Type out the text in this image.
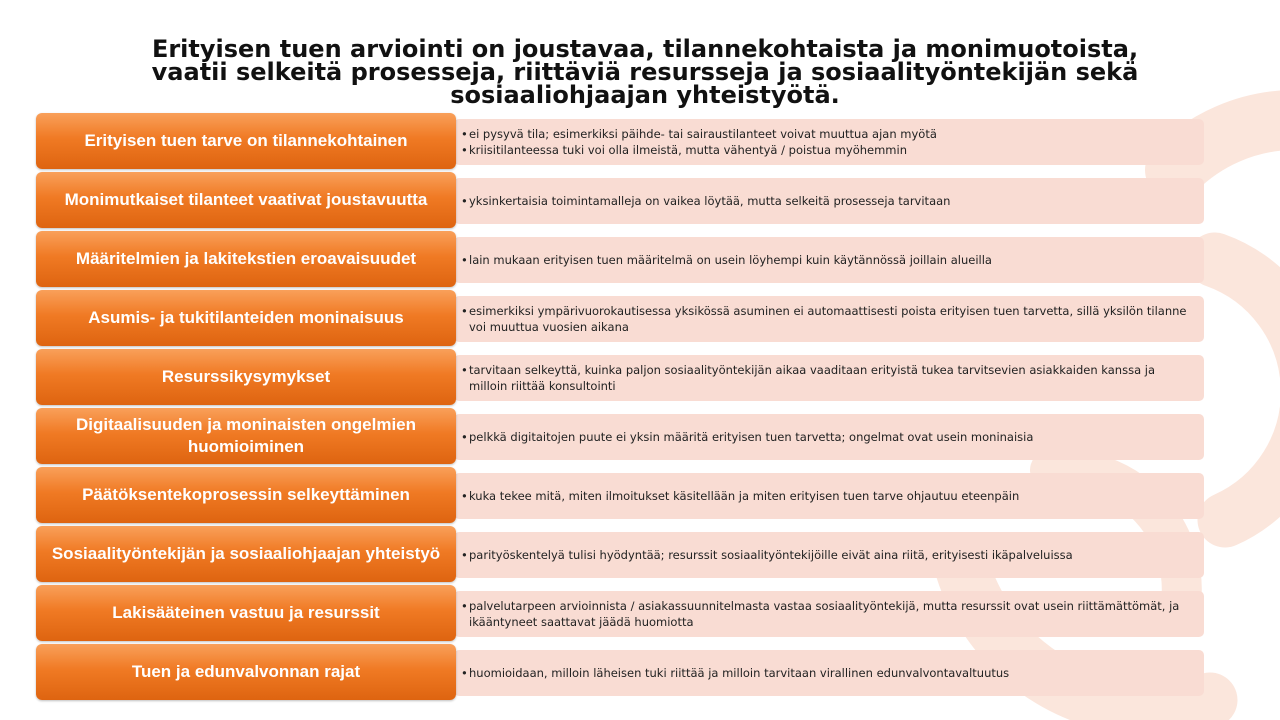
Erityisen tuen arviointi on joustavaa, tilannekohtaista ja monimuotoista,
vaatii selkeitä prosesseja, riittäviä resursseja ja sosiaalityöntekijän sekä
sosiaaliohjaajan yhteistyötä.
• ei pysyvä tila; esimerkiksi päihde- tai sairaustilanteet voivat muuttua ajan myötä
• kriisitilanteessa tuki voi olla ilmeistä, mutta vähentyä / poistua myöhemmin
Erityisen tuen tarve on tilannekohtainen
• yksinkertaisia toimintamalleja on vaikea löytää, mutta selkeitä prosesseja tarvitaan
Monimutkaiset tilanteet vaativat joustavuutta
• lain mukaan erityisen tuen määritelmä on usein löyhempi kuin käytännössä joillain alueilla
Määritelmien ja lakitekstien eroavaisuudet
• esimerkiksi ympärivuorokautisessa yksikössä asuminen ei automaattisesti poista erityisen tuen tarvetta, sillä yksilön tilanne voi muuttua vuosien aikana
Asumis- ja tukitilanteiden moninaisuus
• tarvitaan selkeyttä, kuinka paljon sosiaalityöntekijän aikaa vaaditaan erityistä tukea tarvitsevien asiakkaiden kanssa ja milloin riittää konsultointi
Resurssikysymykset
• pelkkä digitaitojen puute ei yksin määritä erityisen tuen tarvetta; ongelmat ovat usein moninaisia
Digitaalisuuden ja moninaisten ongelmien huomioiminen
• kuka tekee mitä, miten ilmoitukset käsitellään ja miten erityisen tuen tarve ohjautuu eteenpäin
Päätöksentekoprosessin selkeyttäminen
• parityöskentelyä tulisi hyödyntää; resurssit sosiaalityöntekijöille eivät aina riitä, erityisesti ikäpalveluissa
Sosiaalityöntekijän ja sosiaaliohjaajan yhteistyö
• palvelutarpeen arvioinnista / asiakassuunnitelmasta vastaa sosiaalityöntekijä, mutta resurssit ovat usein riittämättömät, ja ikääntyneet saattavat jäädä huomiotta
Lakisääteinen vastuu ja resurssit
• huomioidaan, milloin läheisen tuki riittää ja milloin tarvitaan virallinen edunvalvontavaltuutus
Tuen ja edunvalvonnan rajat
